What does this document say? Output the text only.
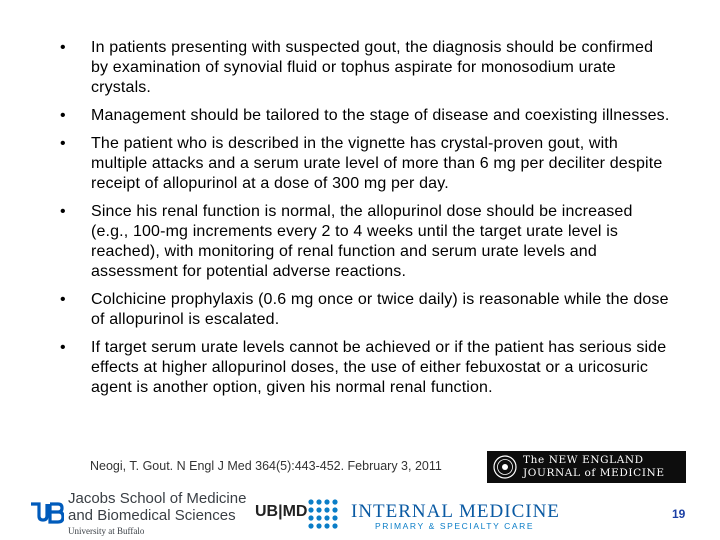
• In patients presenting with suspected gout, the diagnosis should be confirmed by examination of synovial fluid or tophus aspirate for monosodium urate crystals.
• Management should be tailored to the stage of disease and coexisting illnesses.
• The patient who is described in the vignette has crystal-proven gout, with multiple attacks and a serum urate level of more than 6 mg per deciliter despite receipt of allopurinol at a dose of 300 mg per day.
• Since his renal function is normal, the allopurinol dose should be increased (e.g., 100-mg increments every 2 to 4 weeks until the target urate level is reached), with monitoring of renal function and serum urate levels and assessment for potential adverse reactions.
• Colchicine prophylaxis (0.6 mg once or twice daily) is reasonable while the dose of allopurinol is escalated.
• If target serum urate levels cannot be achieved or if the patient has serious side effects at higher allopurinol doses, the use of either febuxostat or a uricosuric agent is another option, given his normal renal function.
Neogi, T. Gout. N Engl J Med 364(5):443-452. February 3, 2011	The NEW ENGLAND
JOURNAL of MEDICINE
Jacobs School of Medicine
and Biomedical Sciences
University at Buffalo
UB|MD INTERNAL MEDICINE
PRIMARY & SPECIALTY CARE
19
